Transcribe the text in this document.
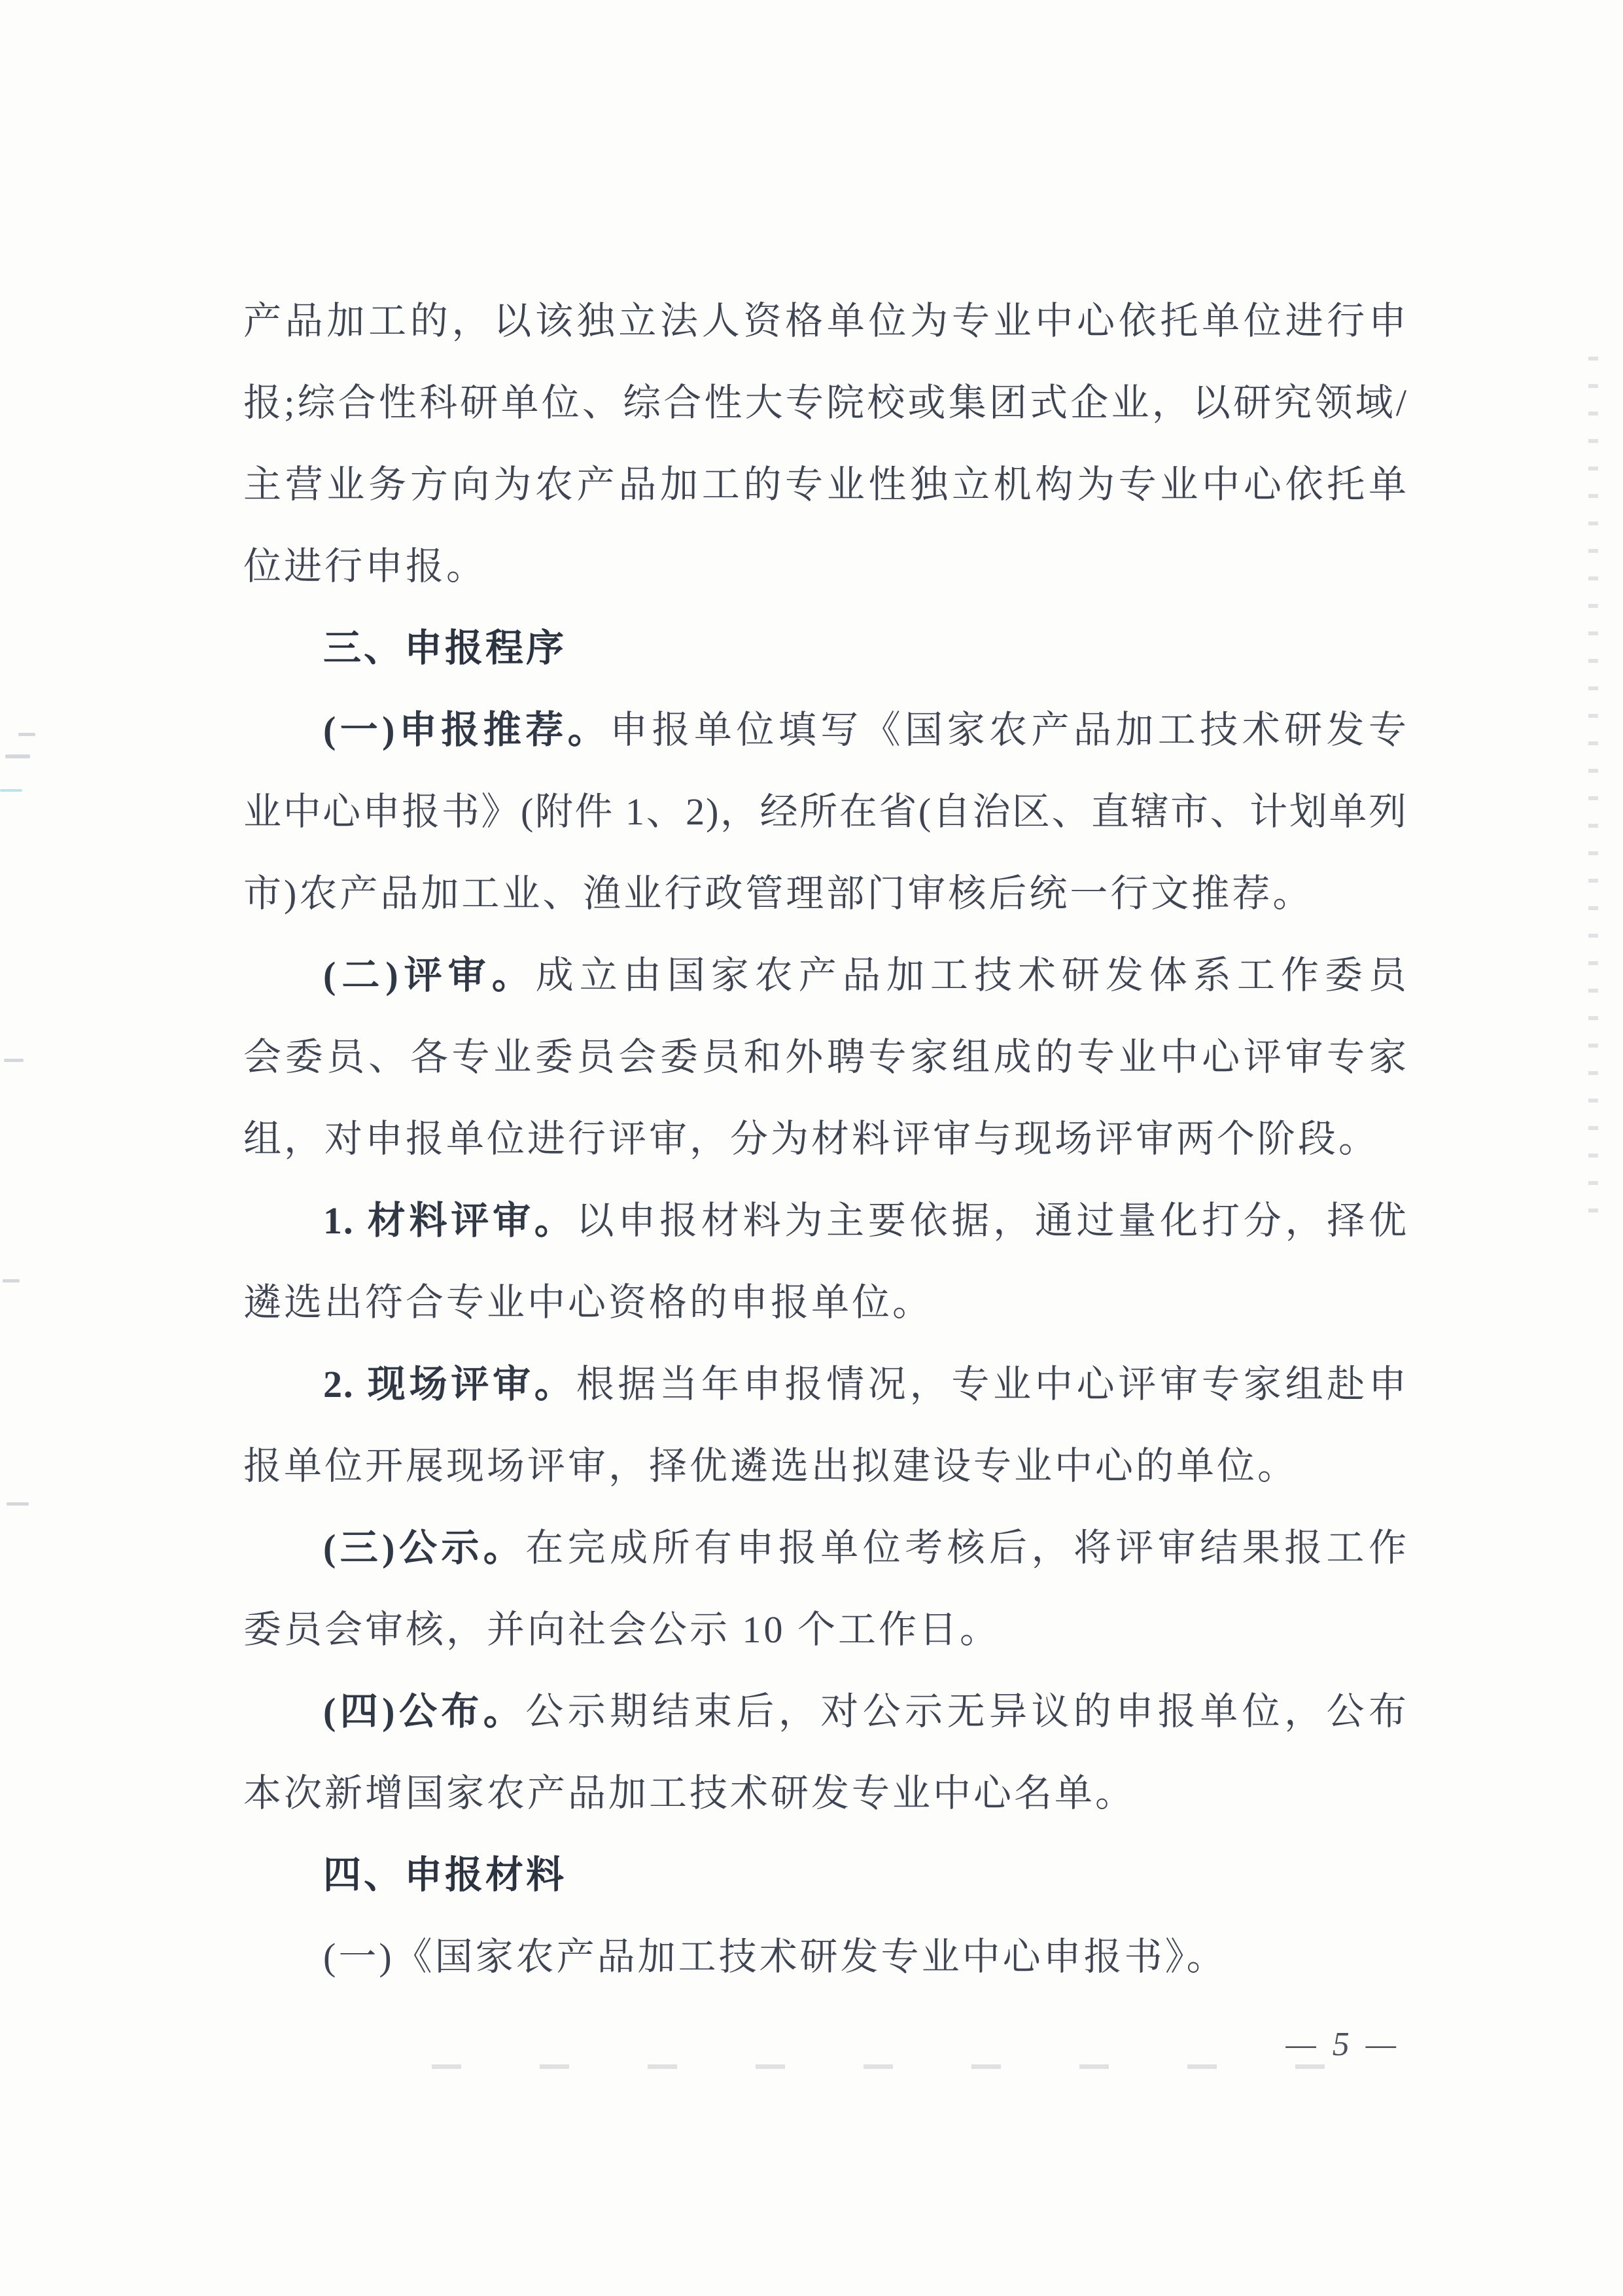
产品加工的，以该独立法人资格单位为专业中心依托单位进行申
报;综合性科研单位、综合性大专院校或集团式企业，以研究领域/
主营业务方向为农产品加工的专业性独立机构为专业中心依托单
位进行申报。
三、申报程序
(一)申报推荐。申报单位填写《国家农产品加工技术研发专
业中心申报书》(附件 1、2)，经所在省(自治区、直辖市、计划单列
市)农产品加工业、渔业行政管理部门审核后统一行文推荐。
(二)评审。成立由国家农产品加工技术研发体系工作委员
会委员、各专业委员会委员和外聘专家组成的专业中心评审专家
组，对申报单位进行评审，分为材料评审与现场评审两个阶段。
1. 材料评审。以申报材料为主要依据，通过量化打分，择优
遴选出符合专业中心资格的申报单位。
2. 现场评审。根据当年申报情况，专业中心评审专家组赴申
报单位开展现场评审，择优遴选出拟建设专业中心的单位。
(三)公示。在完成所有申报单位考核后，将评审结果报工作
委员会审核，并向社会公示 10 个工作日。
(四)公布。公示期结束后，对公示无异议的申报单位，公布
本次新增国家农产品加工技术研发专业中心名单。
四、申报材料
(一)《国家农产品加工技术研发专业中心申报书》。
— 5 —
